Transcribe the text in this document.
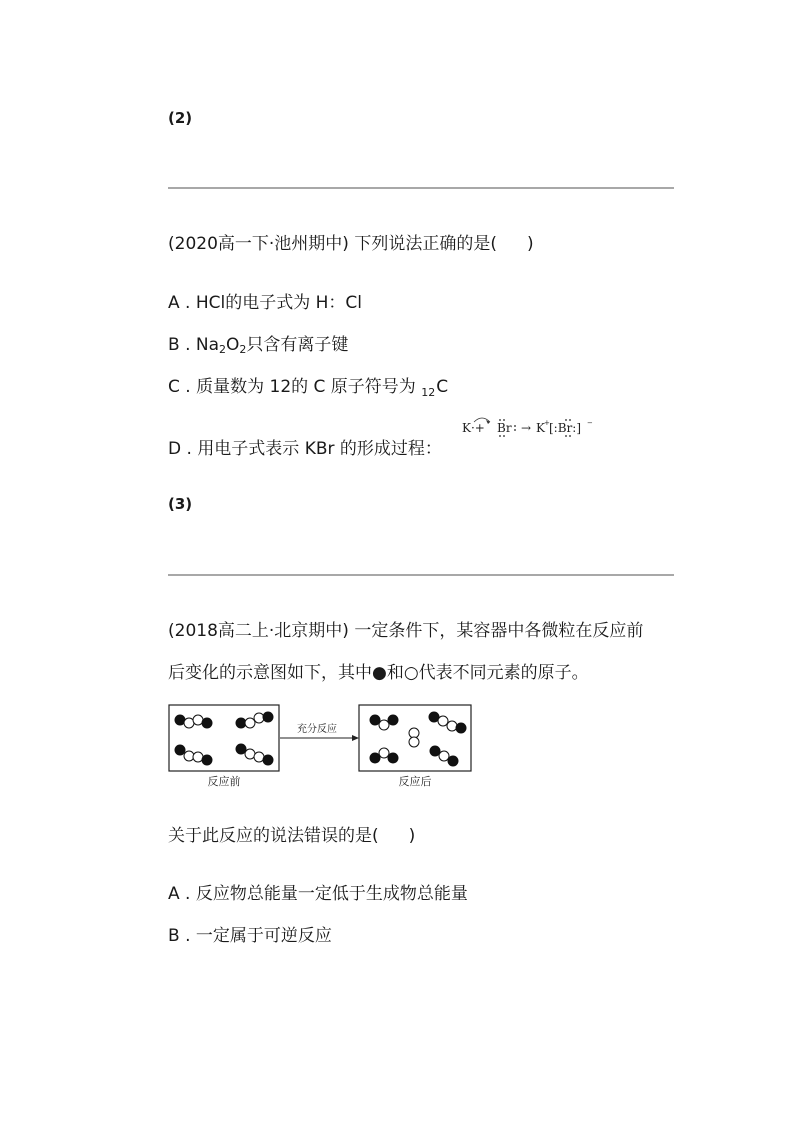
(2)
(2020高一下·池州期中) 下列说法正确的是( )
A . HCl的电子式为 H：Cl
B . $Na_2O_2$只含有离子键
C . 质量数为 12的 C 原子符号为 $_{12}$C
D . 用电子式表示 KBr 的形成过程：
K·+ Br → K + [:Br:] −
(3)
(2018高二上·北京期中) 一定条件下，某容器中各微粒在反应前
后变化的示意图如下，其中●和○代表不同元素的原子。
反应前
充分反应
反应后
关于此反应的说法错误的是( )
A . 反应物总能量一定低于生成物总能量
B . 一定属于可逆反应
